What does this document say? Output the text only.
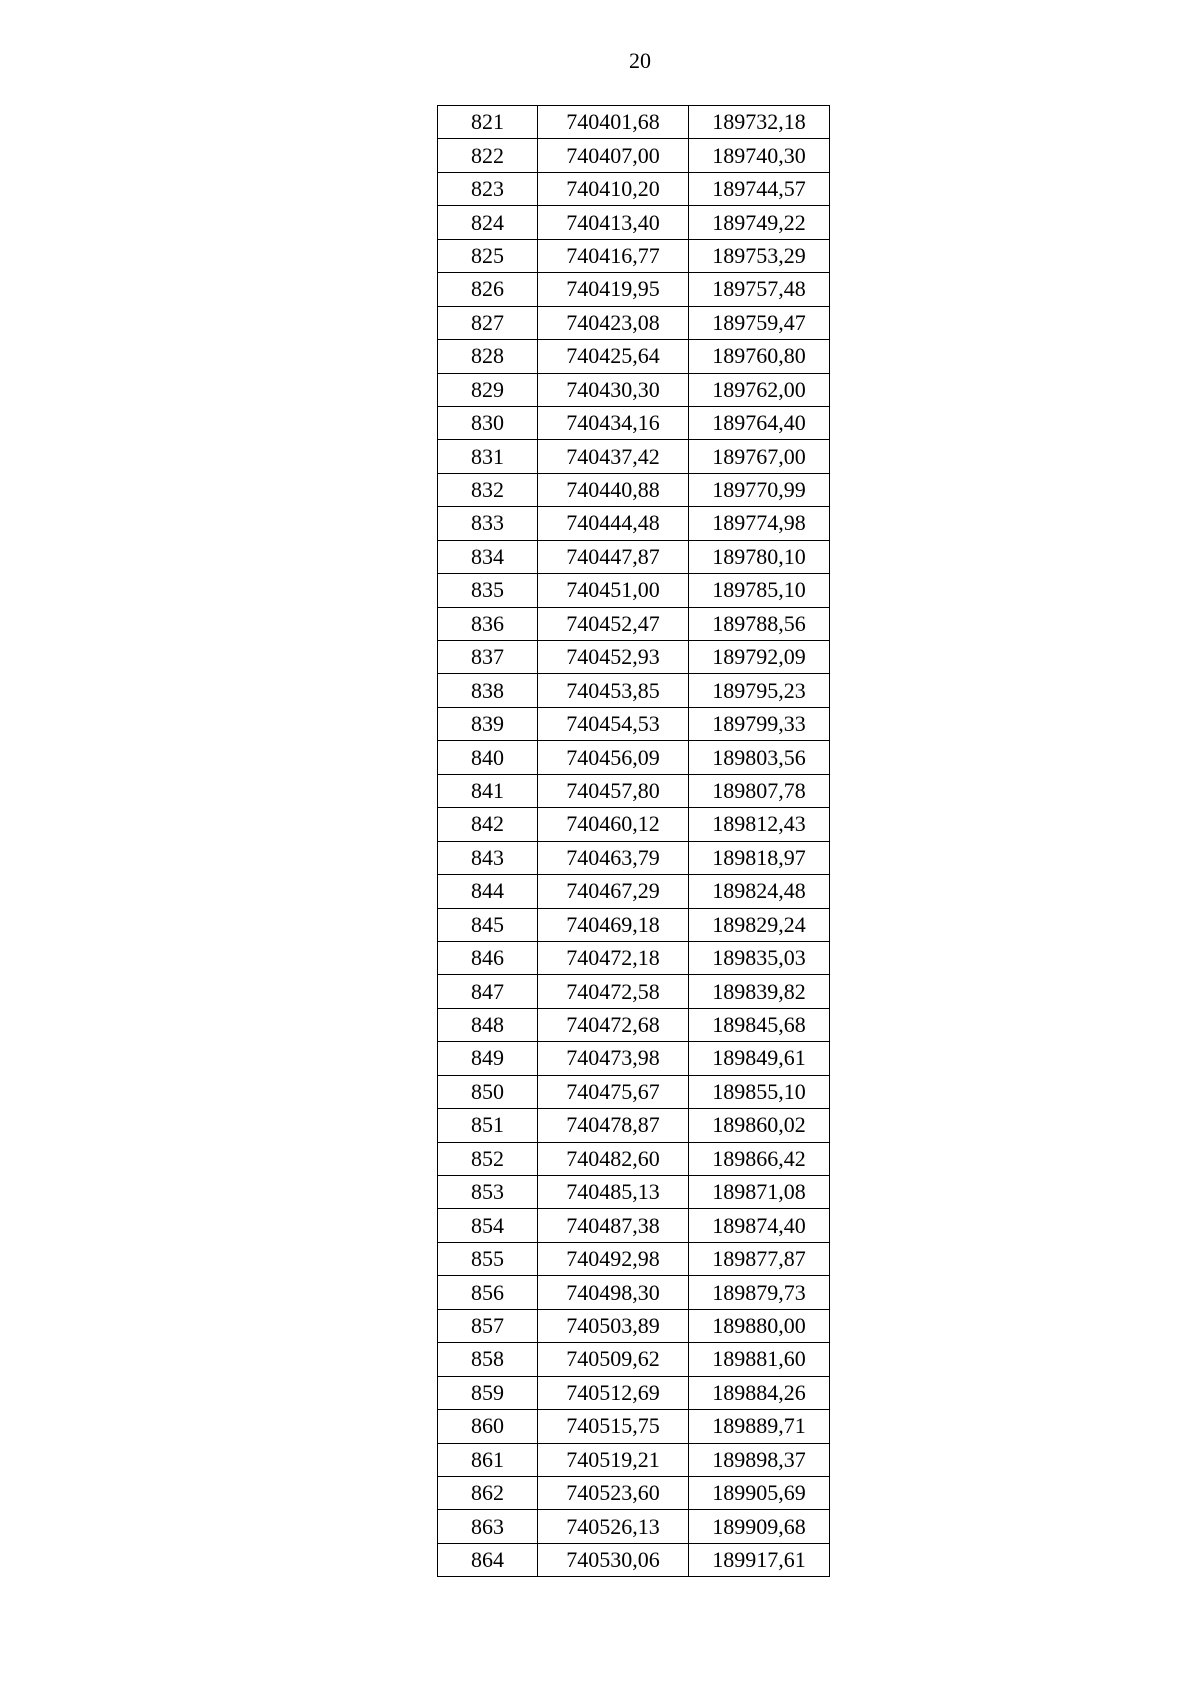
20
821	740401,68	189732,18
822	740407,00	189740,30
823	740410,20	189744,57
824	740413,40	189749,22
825	740416,77	189753,29
826	740419,95	189757,48
827	740423,08	189759,47
828	740425,64	189760,80
829	740430,30	189762,00
830	740434,16	189764,40
831	740437,42	189767,00
832	740440,88	189770,99
833	740444,48	189774,98
834	740447,87	189780,10
835	740451,00	189785,10
836	740452,47	189788,56
837	740452,93	189792,09
838	740453,85	189795,23
839	740454,53	189799,33
840	740456,09	189803,56
841	740457,80	189807,78
842	740460,12	189812,43
843	740463,79	189818,97
844	740467,29	189824,48
845	740469,18	189829,24
846	740472,18	189835,03
847	740472,58	189839,82
848	740472,68	189845,68
849	740473,98	189849,61
850	740475,67	189855,10
851	740478,87	189860,02
852	740482,60	189866,42
853	740485,13	189871,08
854	740487,38	189874,40
855	740492,98	189877,87
856	740498,30	189879,73
857	740503,89	189880,00
858	740509,62	189881,60
859	740512,69	189884,26
860	740515,75	189889,71
861	740519,21	189898,37
862	740523,60	189905,69
863	740526,13	189909,68
864	740530,06	189917,61
